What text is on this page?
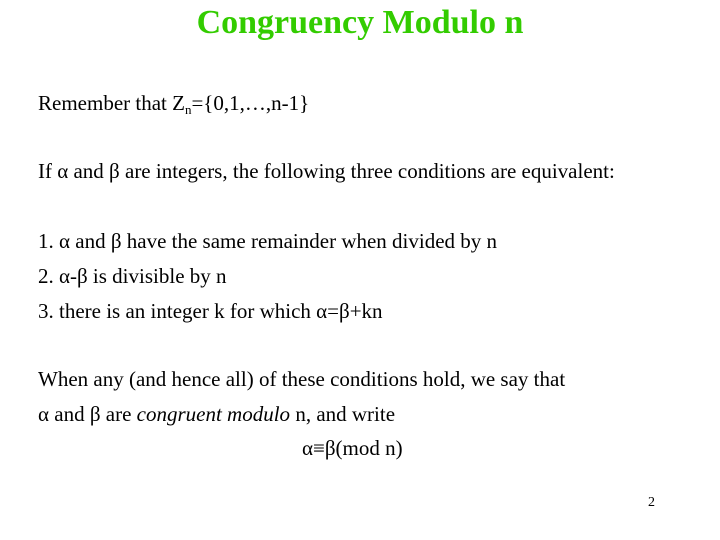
Congruency Modulo n
Remember that $Z_n=\{0,1,\dots,n-1\}$
If α and β are integers, the following three conditions are equivalent:
1. α and β have the same remainder when divided by n
2. α-β is divisible by n
3. there is an integer k for which α=β+kn
When any (and hence all) of these conditions hold, we say that
α and β are congruent modulo n, and write
α≡β(mod n)
2
